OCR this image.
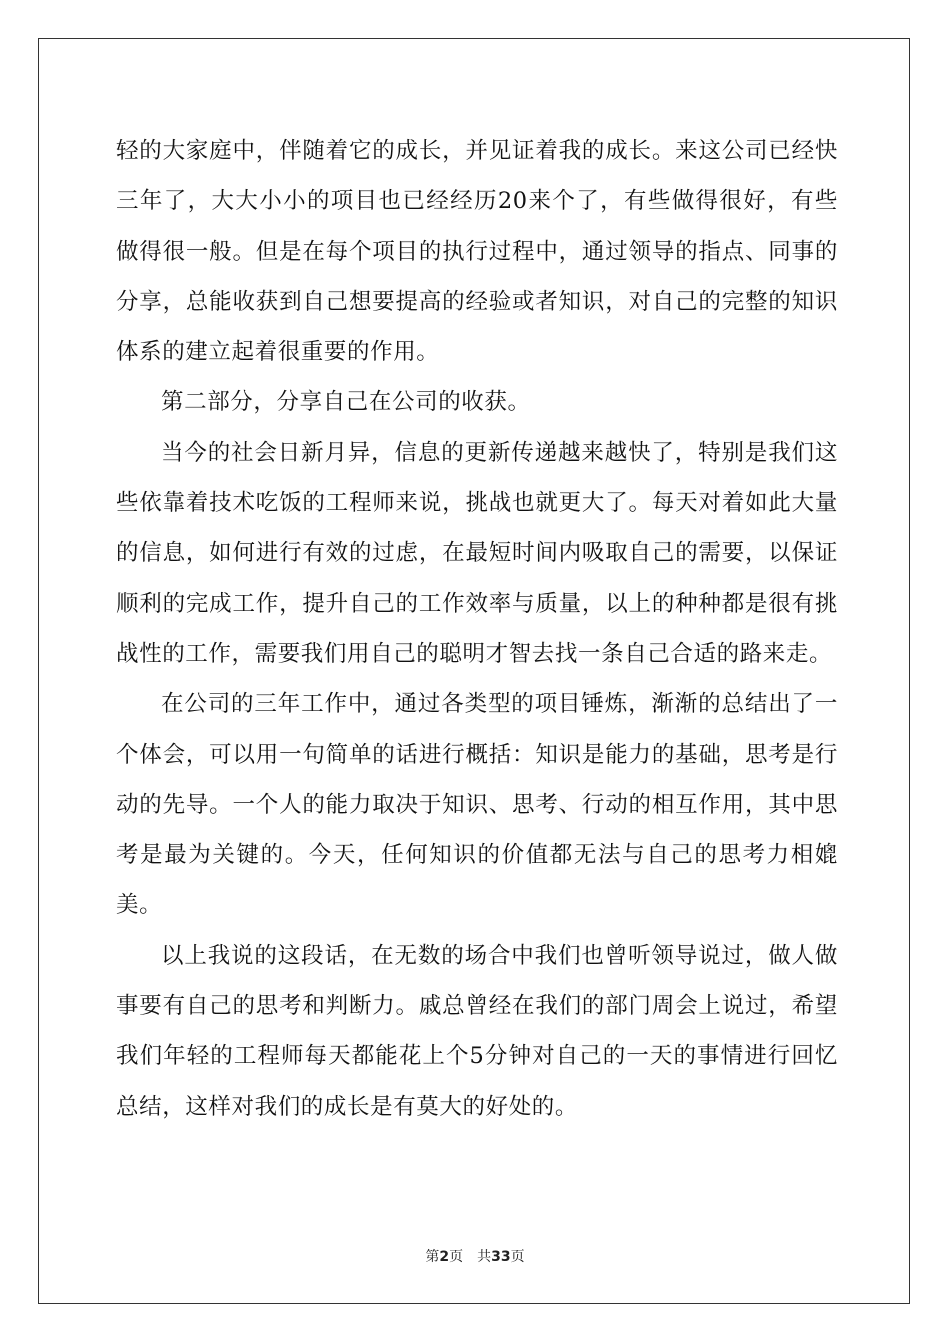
轻的大家庭中，伴随着它的成长，并见证着我的成长。来这公司已经快三年了，大大小小的项目也已经经历20来个了，有些做得很好，有些做得很一般。但是在每个项目的执行过程中，通过领导的指点、同事的分享，总能收获到自己想要提高的经验或者知识，对自己的完整的知识体系的建立起着很重要的作用。

第二部分，分享自己在公司的收获。

当今的社会日新月异，信息的更新传递越来越快了，特别是我们这些依靠着技术吃饭的工程师来说，挑战也就更大了。每天对着如此大量的信息，如何进行有效的过虑，在最短时间内吸取自己的需要，以保证顺利的完成工作，提升自己的工作效率与质量，以上的种种都是很有挑战性的工作，需要我们用自己的聪明才智去找一条自己合适的路来走。

在公司的三年工作中，通过各类型的项目锤炼，渐渐的总结出了一个体会，可以用一句简单的话进行概括：知识是能力的基础，思考是行动的先导。一个人的能力取决于知识、思考、行动的相互作用，其中思考是最为关键的。今天，任何知识的价值都无法与自己的思考力相媲美。

以上我说的这段话，在无数的场合中我们也曾听领导说过，做人做事要有自己的思考和判断力。戚总曾经在我们的部门周会上说过，希望我们年轻的工程师每天都能花上个5分钟对自己的一天的事情进行回忆总结，这样对我们的成长是有莫大的好处的。

第2页 共33页
